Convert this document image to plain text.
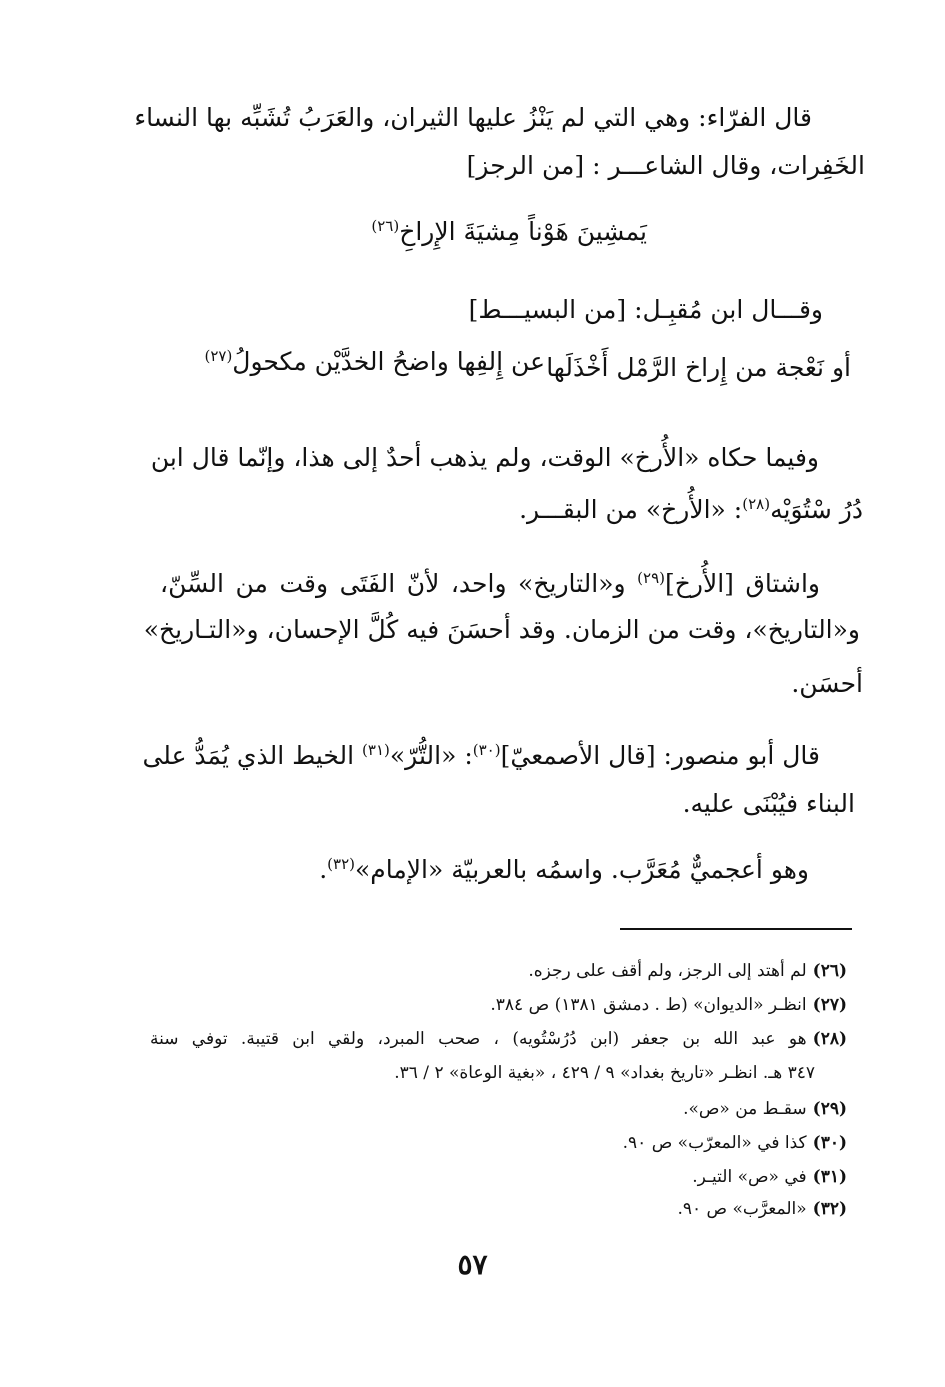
قال الفرّاء: وهي التي لم يَنْزُ عليها الثيران، والعَرَبُ تُشَبِّه بها النساء
الخَفِرات، وقال الشاعـــر : [من الرجز]
يَمشِينَ هَوْناً مِشيَةَ الإِراخِ$^{(٢٦)}$
وقـــال ابن مُقبِـل: [من البسيـــط]
أو نَعْجة من إِراخ الرَّمْل أَخْذَلَها
عن إِلفِها واضحُ الخدَّيْن مكحولُ$^{(٢٧)}$
وفيما حكاه «الأُرخ» الوقت، ولم يذهب أحدٌ إلى هذا، وإنّما قال ابن
دُرُ سْتُوَيْه$^{(٢٨)}$: «الأُرخ» من البقـــر.
واشتاق [الأُرخ]$^{(٢٩)}$ و«التاريخ» واحد، لأنّ الفَتَى وقت من السِّنّ،
و«التاريخ»، وقت من الزمان. وقد أحسَنَ فيه كُلَّ الإحسان، و«التـاريخ»
أحسَن.
قال أبو منصور: [قال الأصمعيّ]$^{(٣٠)}$: «التُّرّ»$^{(٣١)}$ الخيط الذي يُمَدُّ على
البناء فيُبْنَى عليه.
وهو أعجميٌّ مُعَرَّب. واسمُه بالعربيّة «الإمام»$^{(٣٢)}$.
(٢٦)لم أهتد إلى الرجز، ولم أقف على رجزه.
(٢٧)انظـر «الديوان» (ط . دمشق ١٣٨١) ص ٣٨٤.
(٢٨)هو عبد الله بن جعفر (ابن دُرُسْتُويه) ، صحب المبرد، ولقي ابن قتيبة. توفي سنة
٣٤٧ هـ. انظـر «تاريخ بغداد» ٩ / ٤٢٩ ، «بغية الوعاة» ٢ / ٣٦.
(٢٩)سقـط من «ص».
(٣٠)كذا في «المعرّب» ص ٩٠.
(٣١)في «ص» التيـر.
(٣٢)«المعرَّب» ص ٩٠.
٥٧
